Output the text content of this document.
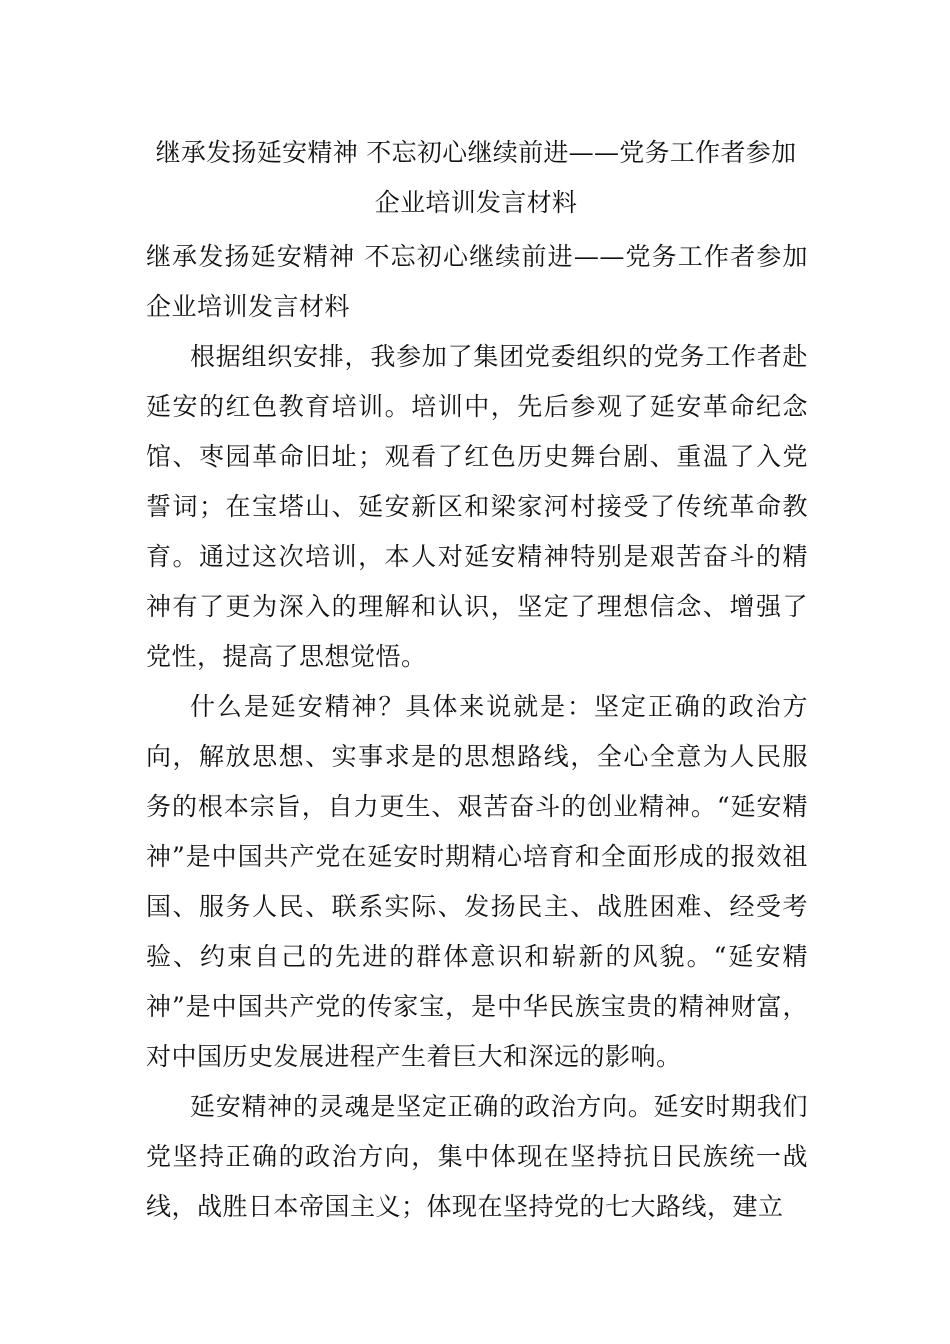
继承发扬延安精神 不忘初心继续前进——党务工作者参加
企业培训发言材料

继承发扬延安精神 不忘初心继续前进——党务工作者参加企业培训发言材料

根据组织安排，我参加了集团党委组织的党务工作者赴延安的红色教育培训。培训中，先后参观了延安革命纪念馆、枣园革命旧址；观看了红色历史舞台剧、重温了入党誓词；在宝塔山、延安新区和梁家河村接受了传统革命教育。通过这次培训，本人对延安精神特别是艰苦奋斗的精神有了更为深入的理解和认识，坚定了理想信念、增强了党性，提高了思想觉悟。

什么是延安精神？具体来说就是：坚定正确的政治方向，解放思想、实事求是的思想路线，全心全意为人民服务的根本宗旨，自力更生、艰苦奋斗的创业精神。“延安精神”是中国共产党在延安时期精心培育和全面形成的报效祖国、服务人民、联系实际、发扬民主、战胜困难、经受考验、约束自己的先进的群体意识和崭新的风貌。“延安精神”是中国共产党的传家宝，是中华民族宝贵的精神财富，对中国历史发展进程产生着巨大和深远的影响。

延安精神的灵魂是坚定正确的政治方向。延安时期我们党坚持正确的政治方向，集中体现在坚持抗日民族统一战线，战胜日本帝国主义；体现在坚持党的七大路线，建立
